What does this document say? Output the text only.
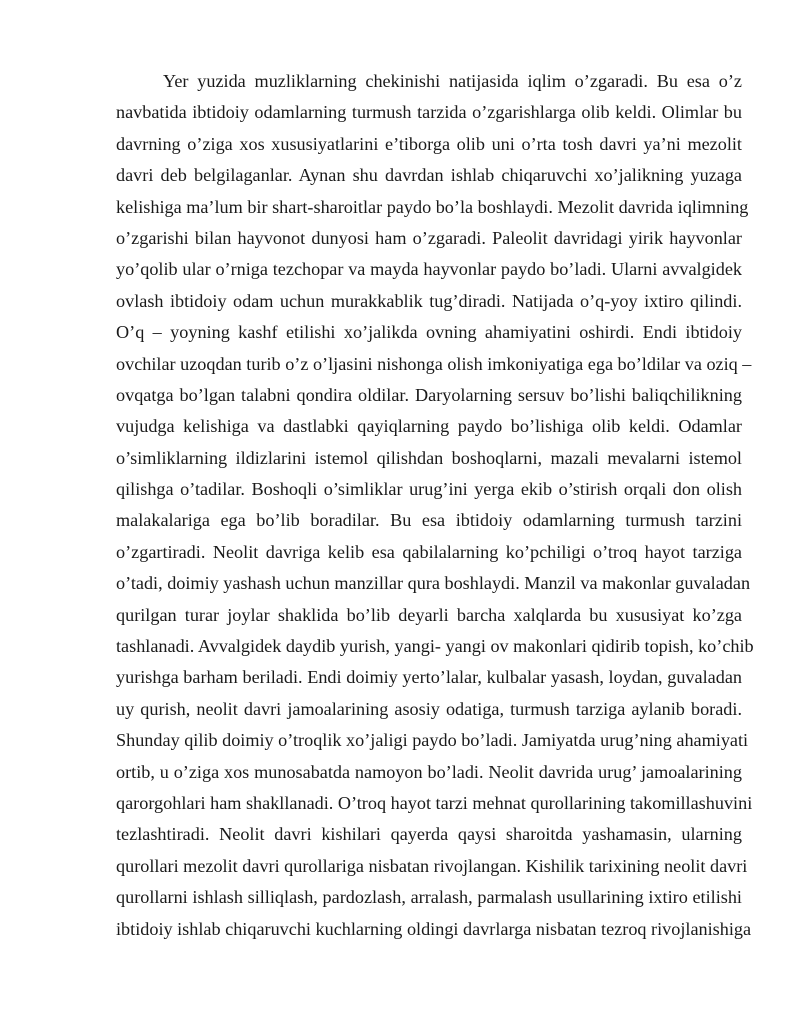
Yer yuzida muzliklarning chekinishi natijasida iqlim o’zgaradi. Bu esa o’z
navbatida ibtidoiy odamlarning turmush tarzida o’zgarishlarga olib keldi. Olimlar bu
davrning o’ziga xos xususiyatlarini e’tiborga olib uni o’rta tosh davri ya’ni mezolit
davri deb belgilaganlar. Aynan shu davrdan ishlab chiqaruvchi xo’jalikning yuzaga
kelishiga ma’lum bir shart-sharoitlar paydo bo’la boshlaydi. Mezolit davrida iqlimning
o’zgarishi bilan hayvonot dunyosi ham o’zgaradi. Paleolit davridagi yirik hayvonlar
yo’qolib ular o’rniga tezchopar va mayda hayvonlar paydo bo’ladi. Ularni avvalgidek
ovlash ibtidoiy odam uchun murakkablik tug’diradi. Natijada o’q-yoy ixtiro qilindi.
O’q – yoyning kashf etilishi xo’jalikda ovning ahamiyatini oshirdi. Endi ibtidoiy
ovchilar uzoqdan turib o’z o’ljasini nishonga olish imkoniyatiga ega bo’ldilar va oziq –
ovqatga bo’lgan talabni qondira oldilar. Daryolarning sersuv bo’lishi baliqchilikning
vujudga kelishiga va dastlabki qayiqlarning paydo bo’lishiga olib keldi. Odamlar
o’simliklarning ildizlarini istemol qilishdan boshoqlarni, mazali mevalarni istemol
qilishga o’tadilar. Boshoqli o’simliklar urug’ini yerga ekib o’stirish orqali don olish
malakalariga ega bo’lib boradilar. Bu esa ibtidoiy odamlarning turmush tarzini
o’zgartiradi. Neolit davriga kelib esa qabilalarning ko’pchiligi o’troq hayot tarziga
o’tadi, doimiy yashash uchun manzillar qura boshlaydi. Manzil va makonlar guvaladan
qurilgan turar joylar shaklida bo’lib deyarli barcha xalqlarda bu xususiyat ko’zga
tashlanadi. Avvalgidek daydib yurish, yangi- yangi ov makonlari qidirib topish, ko’chib
yurishga barham beriladi. Endi doimiy yerto’lalar, kulbalar yasash, loydan, guvaladan
uy qurish, neolit davri jamoalarining asosiy odatiga, turmush tarziga aylanib boradi.
Shunday qilib doimiy o’troqlik xo’jaligi paydo bo’ladi. Jamiyatda urug’ning ahamiyati
ortib, u o’ziga xos munosabatda namoyon bo’ladi. Neolit davrida urug’ jamoalarining
qarorgohlari ham shakllanadi. O’troq hayot tarzi mehnat qurollarining takomillashuvini
tezlashtiradi. Neolit davri kishilari qayerda qaysi sharoitda yashamasin, ularning
qurollari mezolit davri qurollariga nisbatan rivojlangan. Kishilik tarixining neolit davri
qurollarni ishlash silliqlash, pardozlash, arralash, parmalash usullarining ixtiro etilishi
ibtidoiy ishlab chiqaruvchi kuchlarning oldingi davrlarga nisbatan tezroq rivojlanishiga
